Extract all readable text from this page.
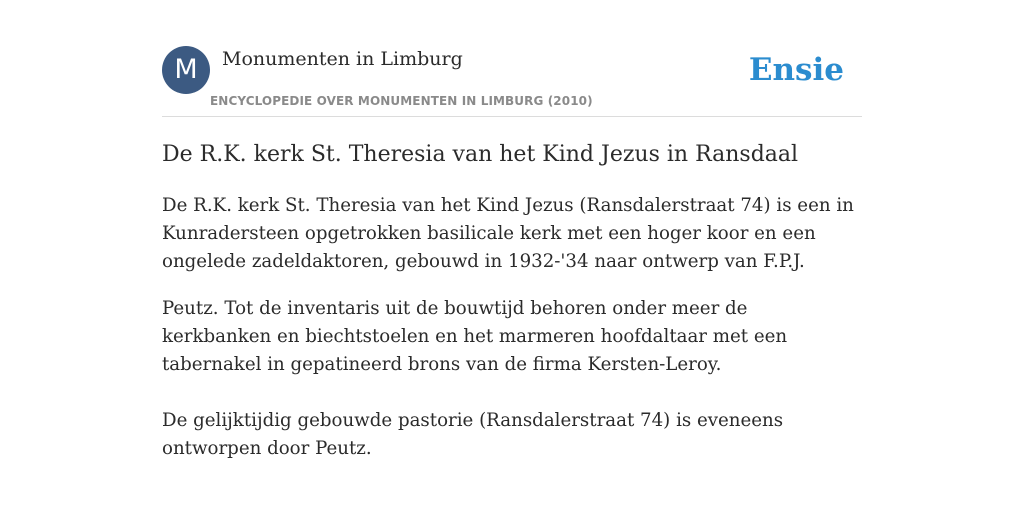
M	Monumenten in Limburg
ENCYCLOPEDIE OVER MONUMENTEN IN LIMBURG (2010)
Ensie
De R.K. kerk St. Theresia van het Kind Jezus in Ransdaal

De R.K. kerk St. Theresia van het Kind Jezus (Ransdalerstraat 74) is een in Kunradersteen opgetrokken basilicale kerk met een hoger koor en een ongelede zadeldaktoren, gebouwd in 1932-'34 naar ontwerp van F.P.J.

Peutz. Tot de inventaris uit de bouwtijd behoren onder meer de kerkbanken en biechtstoelen en het marmeren hoofdaltaar met een tabernakel in gepatineerd brons van de firma Kersten-Leroy.

De gelijktijdig gebouwde pastorie (Ransdalerstraat 74) is eveneens ontworpen door Peutz.
